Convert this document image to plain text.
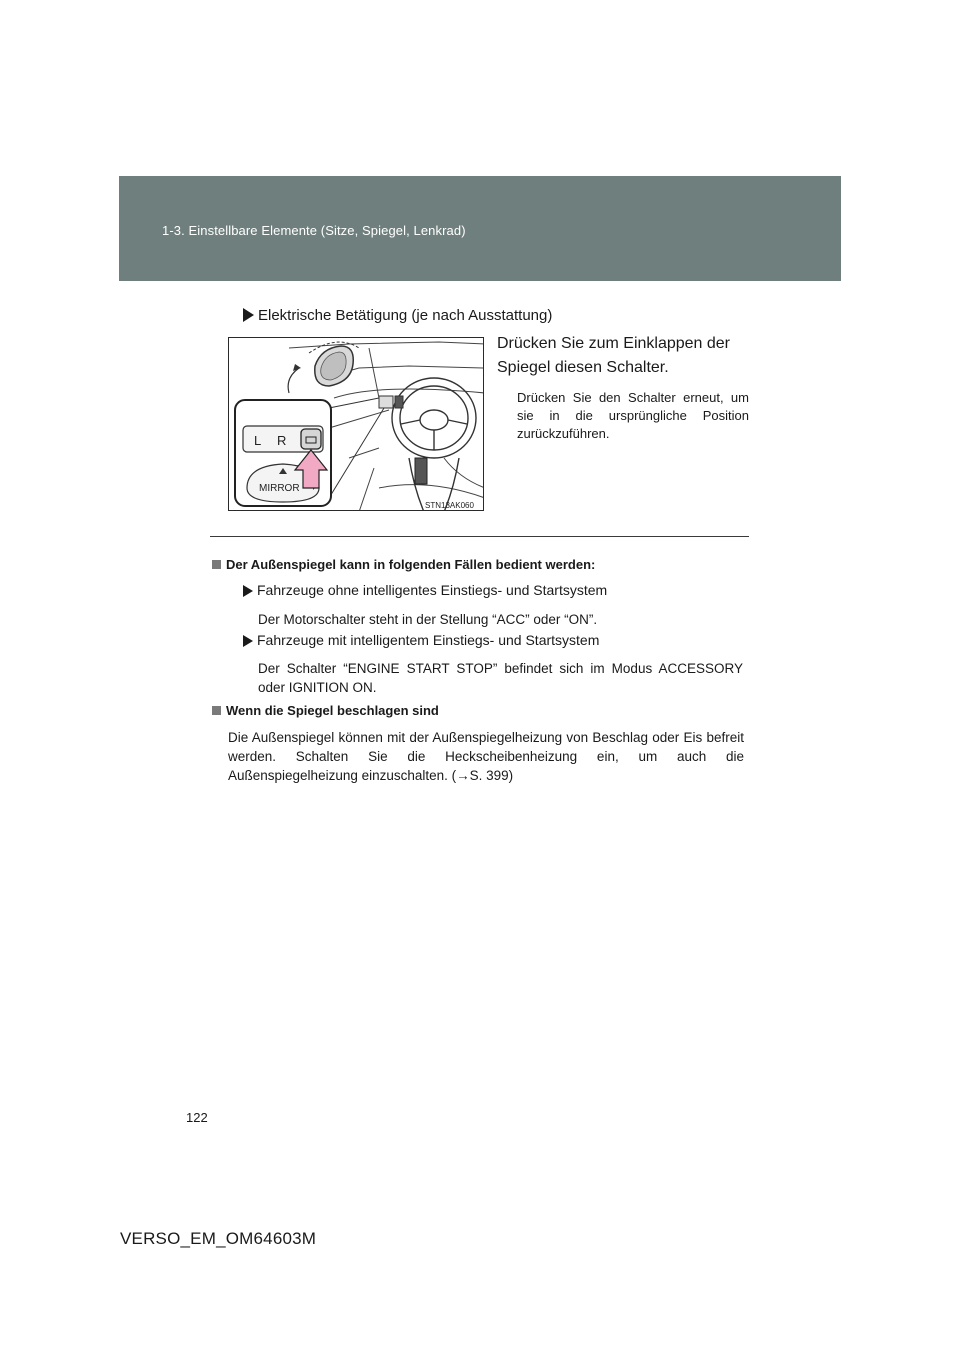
1-3. Einstellbare Elemente (Sitze, Spiegel, Lenkrad)
Elektrische Betätigung (je nach Ausstattung)
L R
MIRROR
STN13AK060
Drücken Sie zum Einklappen der Spiegel diesen Schalter.
Drücken Sie den Schalter erneut, um sie in die ursprüngliche Position zurückzuführen.
Der Außenspiegel kann in folgenden Fällen bedient werden:
Fahrzeuge ohne intelligentes Einstiegs- und Startsystem
Der Motorschalter steht in der Stellung “ACC” oder “ON”.
Fahrzeuge mit intelligentem Einstiegs- und Startsystem
Der Schalter “ENGINE START STOP” befindet sich im Modus ACCESSORY oder IGNITION ON.
Wenn die Spiegel beschlagen sind
Die Außenspiegel können mit der Außenspiegelheizung von Beschlag oder Eis befreit werden. Schalten Sie die Heckscheibenheizung ein, um auch die Außenspiegelheizung einzuschalten. (→S. 399)
122
VERSO_EM_OM64603M
